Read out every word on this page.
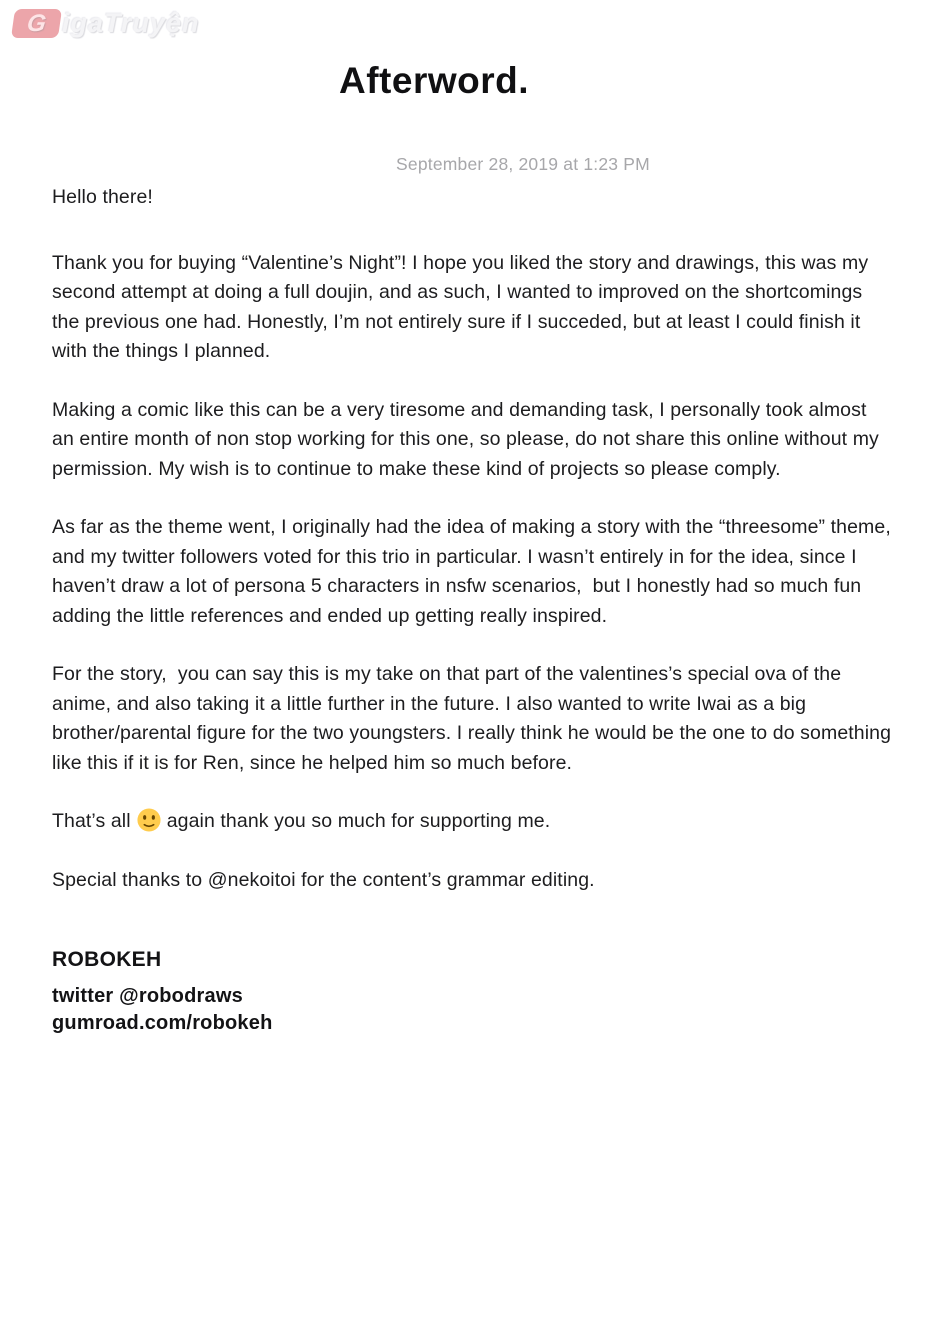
G igaTruyện
Afterword.
September 28, 2019 at 1:23 PM

Hello there!

Thank you for buying “Valentine’s Night”! I hope you liked the story and drawings, this was my second attempt at doing a full doujin, and as such, I wanted to improved on the shortcomings the previous one had. Honestly, I’m not entirely sure if I succeded, but at least I could finish it with the things I planned.

Making a comic like this can be a very tiresome and demanding task, I personally took almost an entire month of non stop working for this one, so please, do not share this online without my permission. My wish is to continue to make these kind of projects so please comply.

As far as the theme went, I originally had the idea of making a story with the “threesome” theme, and my twitter followers voted for this trio in particular. I wasn’t entirely in for the idea, since I haven’t draw a lot of persona 5 characters in nsfw scenarios,  but I honestly had so much fun adding the little references and ended up getting really inspired.

For the story,  you can say this is my take on that part of the valentines’s special ova of the anime, and also taking it a little further in the future. I also wanted to write Iwai as a big brother/parental figure for the two youngsters. I really think he would be the one to do something like this if it is for Ren, since he helped him so much before.

That’s all again thank you so much for supporting me.

Special thanks to @nekoitoi for the content’s grammar editing.

ROBOKEH
twitter @robodraws
gumroad.com/robokeh
